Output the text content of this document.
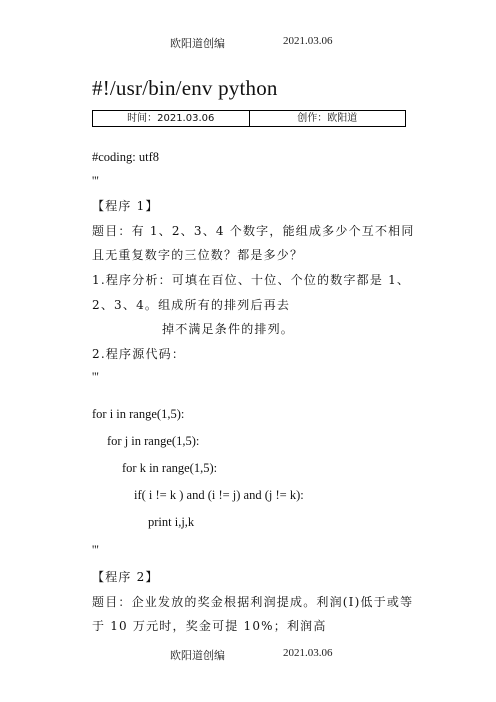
欧阳道创编	2021.03.06
#!/usr/bin/env python
时间：2021.03.06	创作：欧阳道
#coding: utf8
'''
【程序 1】
题目：有 1、2、3、4 个数字，能组成多少个互不相同
且无重复数字的三位数？都是多少？
1.程序分析：可填在百位、十位、个位的数字都是 1、
2、3、4。组成所有的排列后再去
掉不满足条件的排列。
2.程序源代码：
'''
for i in range(1,5):
for j in range(1,5):
for k in range(1,5):
if( i != k ) and (i != j) and (j != k):
print i,j,k
'''
【程序 2】
题目：企业发放的奖金根据利润提成。利润(I)低于或等
于 10 万元时，奖金可提 10%；利润高
欧阳道创编	2021.03.06
